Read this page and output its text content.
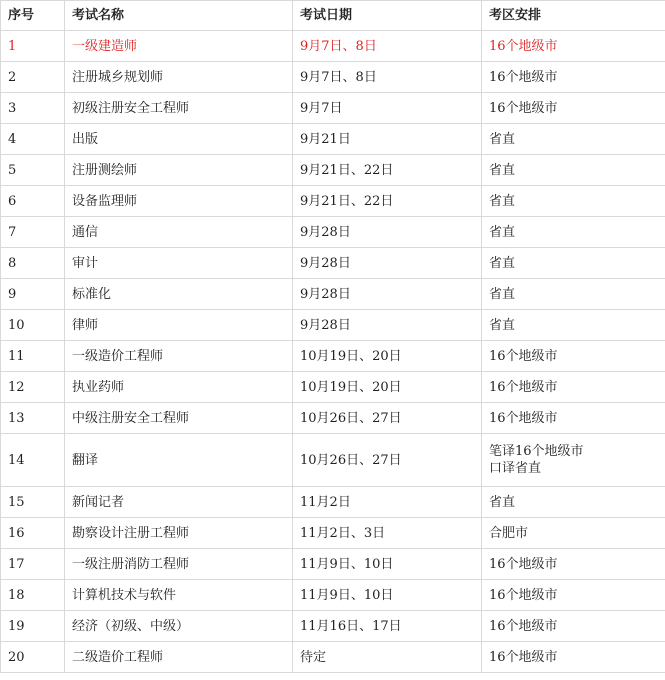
序号	考试名称	考试日期	考区安排
1	一级建造师	9月7日、8日	16个地级市
2	注册城乡规划师	9月7日、8日	16个地级市
3	初级注册安全工程师	9月7日	16个地级市
4	出版	9月21日	省直
5	注册测绘师	9月21日、22日	省直
6	设备监理师	9月21日、22日	省直
7	通信	9月28日	省直
8	审计	9月28日	省直
9	标准化	9月28日	省直
10	律师	9月28日	省直
11	一级造价工程师	10月19日、20日	16个地级市
12	执业药师	10月19日、20日	16个地级市
13	中级注册安全工程师	10月26日、27日	16个地级市
14	翻译	10月26日、27日	笔译16个地级市
口译省直

15	新闻记者	11月2日	省直
16	勘察设计注册工程师	11月2日、3日	合肥市
17	一级注册消防工程师	11月9日、10日	16个地级市
18	计算机技术与软件	11月9日、10日	16个地级市
19	经济（初级、中级）	11月16日、17日	16个地级市
20	二级造价工程师	待定	16个地级市
